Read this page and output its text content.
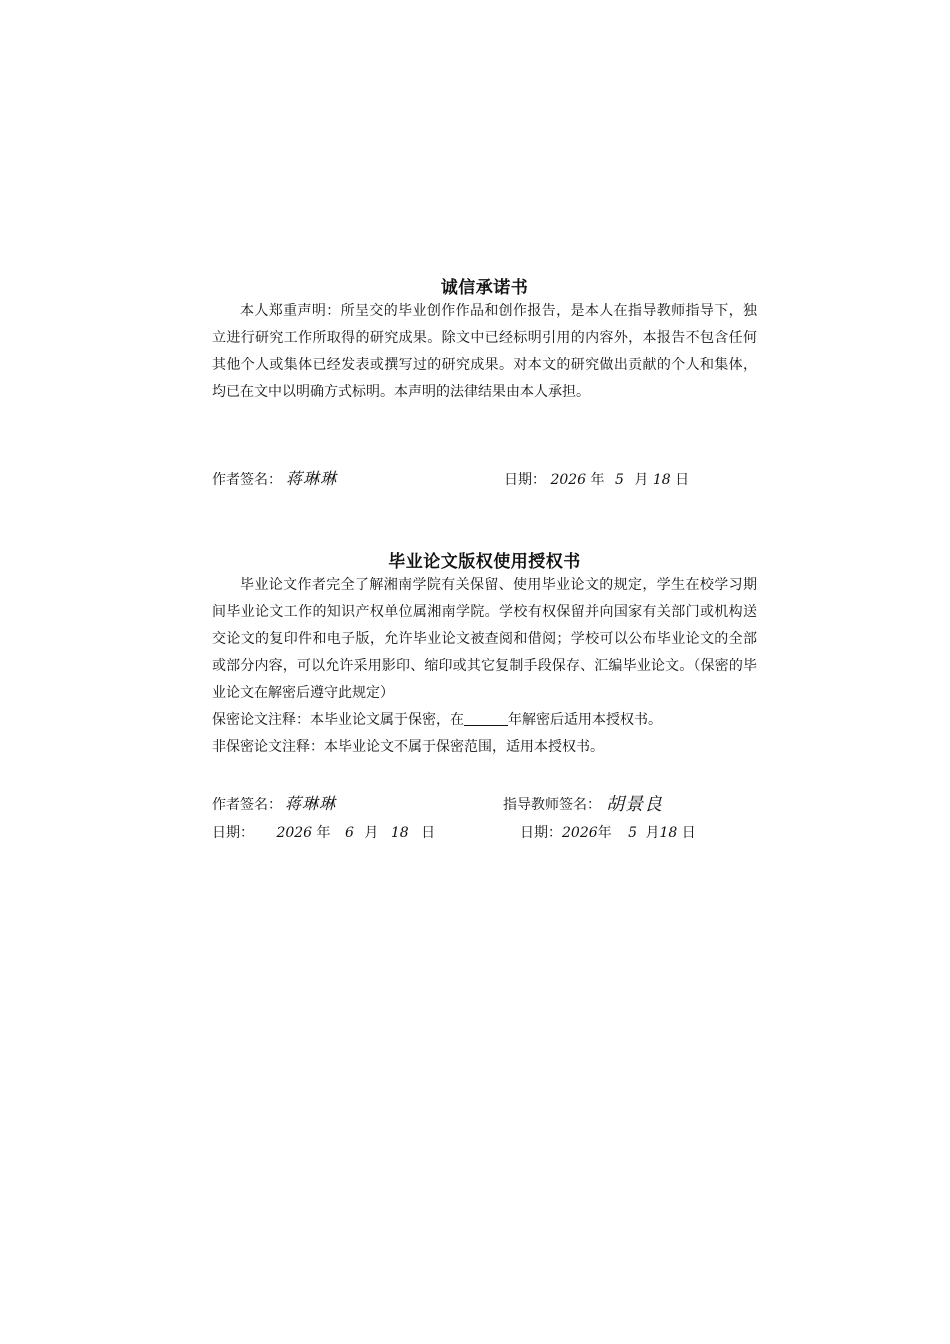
诚信承诺书
本人郑重声明：所呈交的毕业创作作品和创作报告，是本人在指导教师指导下，独立进行研究工作所取得的研究成果。除文中已经标明引用的内容外，本报告不包含任何其他个人或集体已经发表或撰写过的研究成果。对本文的研究做出贡献的个人和集体，均已在文中以明确方式标明。本声明的法律结果由本人承担。
作者签名： 蒋琳琳	日期： 2026 年 5 月 18 日
毕业论文版权使用授权书
毕业论文作者完全了解湘南学院有关保留、使用毕业论文的规定，学生在校学习期间毕业论文工作的知识产权单位属湘南学院。学校有权保留并向国家有关部门或机构送交论文的复印件和电子版，允许毕业论文被查阅和借阅；学校可以公布毕业论文的全部或部分内容，可以允许采用影印、缩印或其它复制手段保存、汇编毕业论文。（保密的毕业论文在解密后遵守此规定）
保密论文注释：本毕业论文属于保密，在	年解密后适用本授权书。
非保密论文注释：本毕业论文不属于保密范围，适用本授权书。
作者签名： 蒋琳琳	指导教师签名： 胡景良
日期： 2026 年 6 月 18 日	日期：2026年 5 月18 日
